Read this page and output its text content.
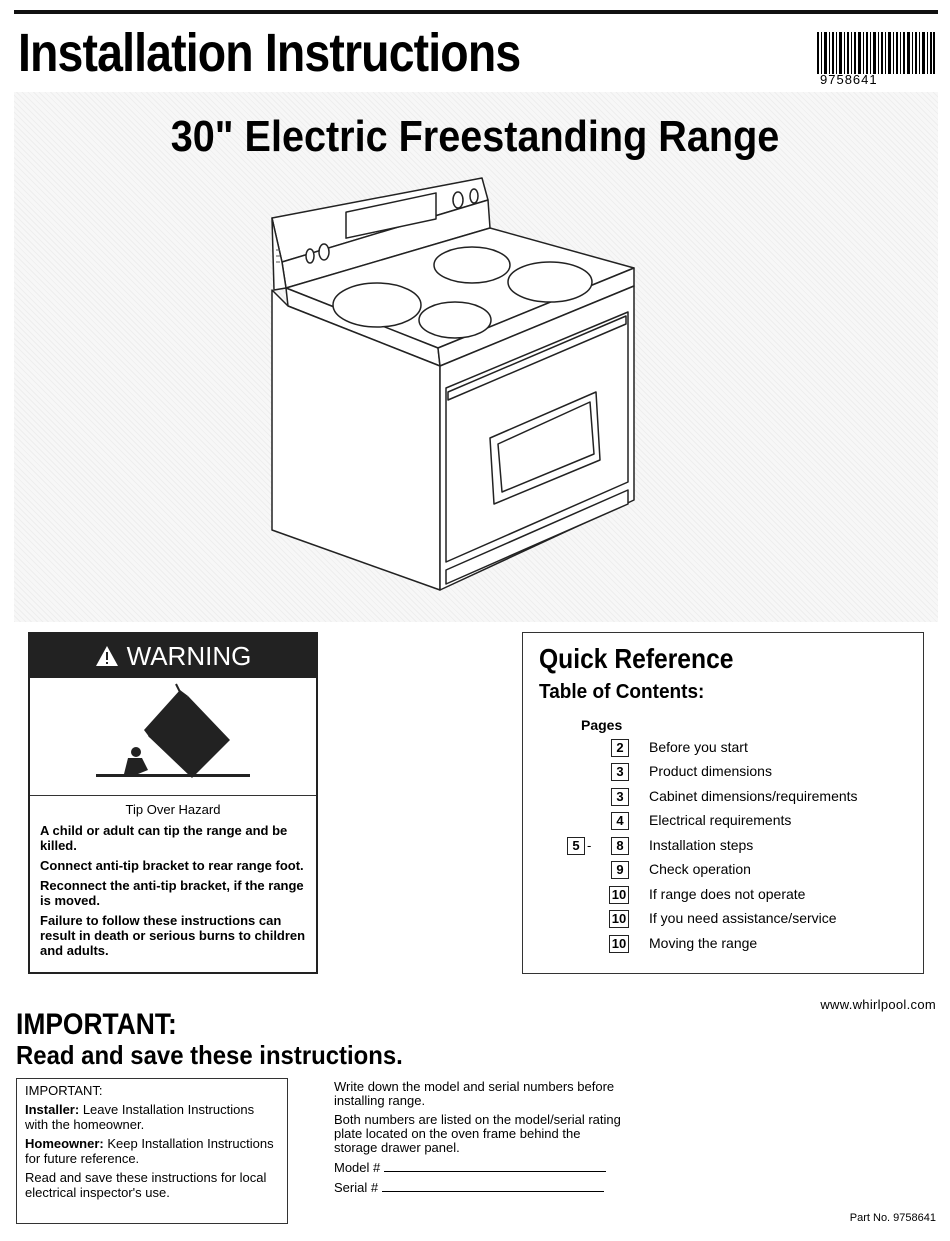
Installation Instructions	9758641
30" Electric Freestanding Range
WARNING
Tip Over Hazard

A child or adult can tip the range and be killed.

Connect anti-tip bracket to rear range foot.

Reconnect the anti-tip bracket, if the range is moved.

Failure to follow these instructions can result in death or serious burns to children and adults.

Quick Reference
Table of Contents:
Pages
2	Before you start
3	Product dimensions
3	Cabinet dimensions/requirements
4	Electrical requirements
5 -	8	Installation steps
9	Check operation
10 If range does not operate
10 If you need assistance/service
10 Moving the range
www.whirlpool.com
IMPORTANT:
Read and save these instructions.

IMPORTANT:

Installer: Leave Installation Instructions with the homeowner.

Homeowner: Keep Installation Instructions for future reference.

Read and save these instructions for local electrical inspector's use.

Write down the model and serial numbers before installing range.

Both numbers are listed on the model/serial rating plate located on the oven frame behind the storage drawer panel.

Model #

Serial #

Part No. 9758641
